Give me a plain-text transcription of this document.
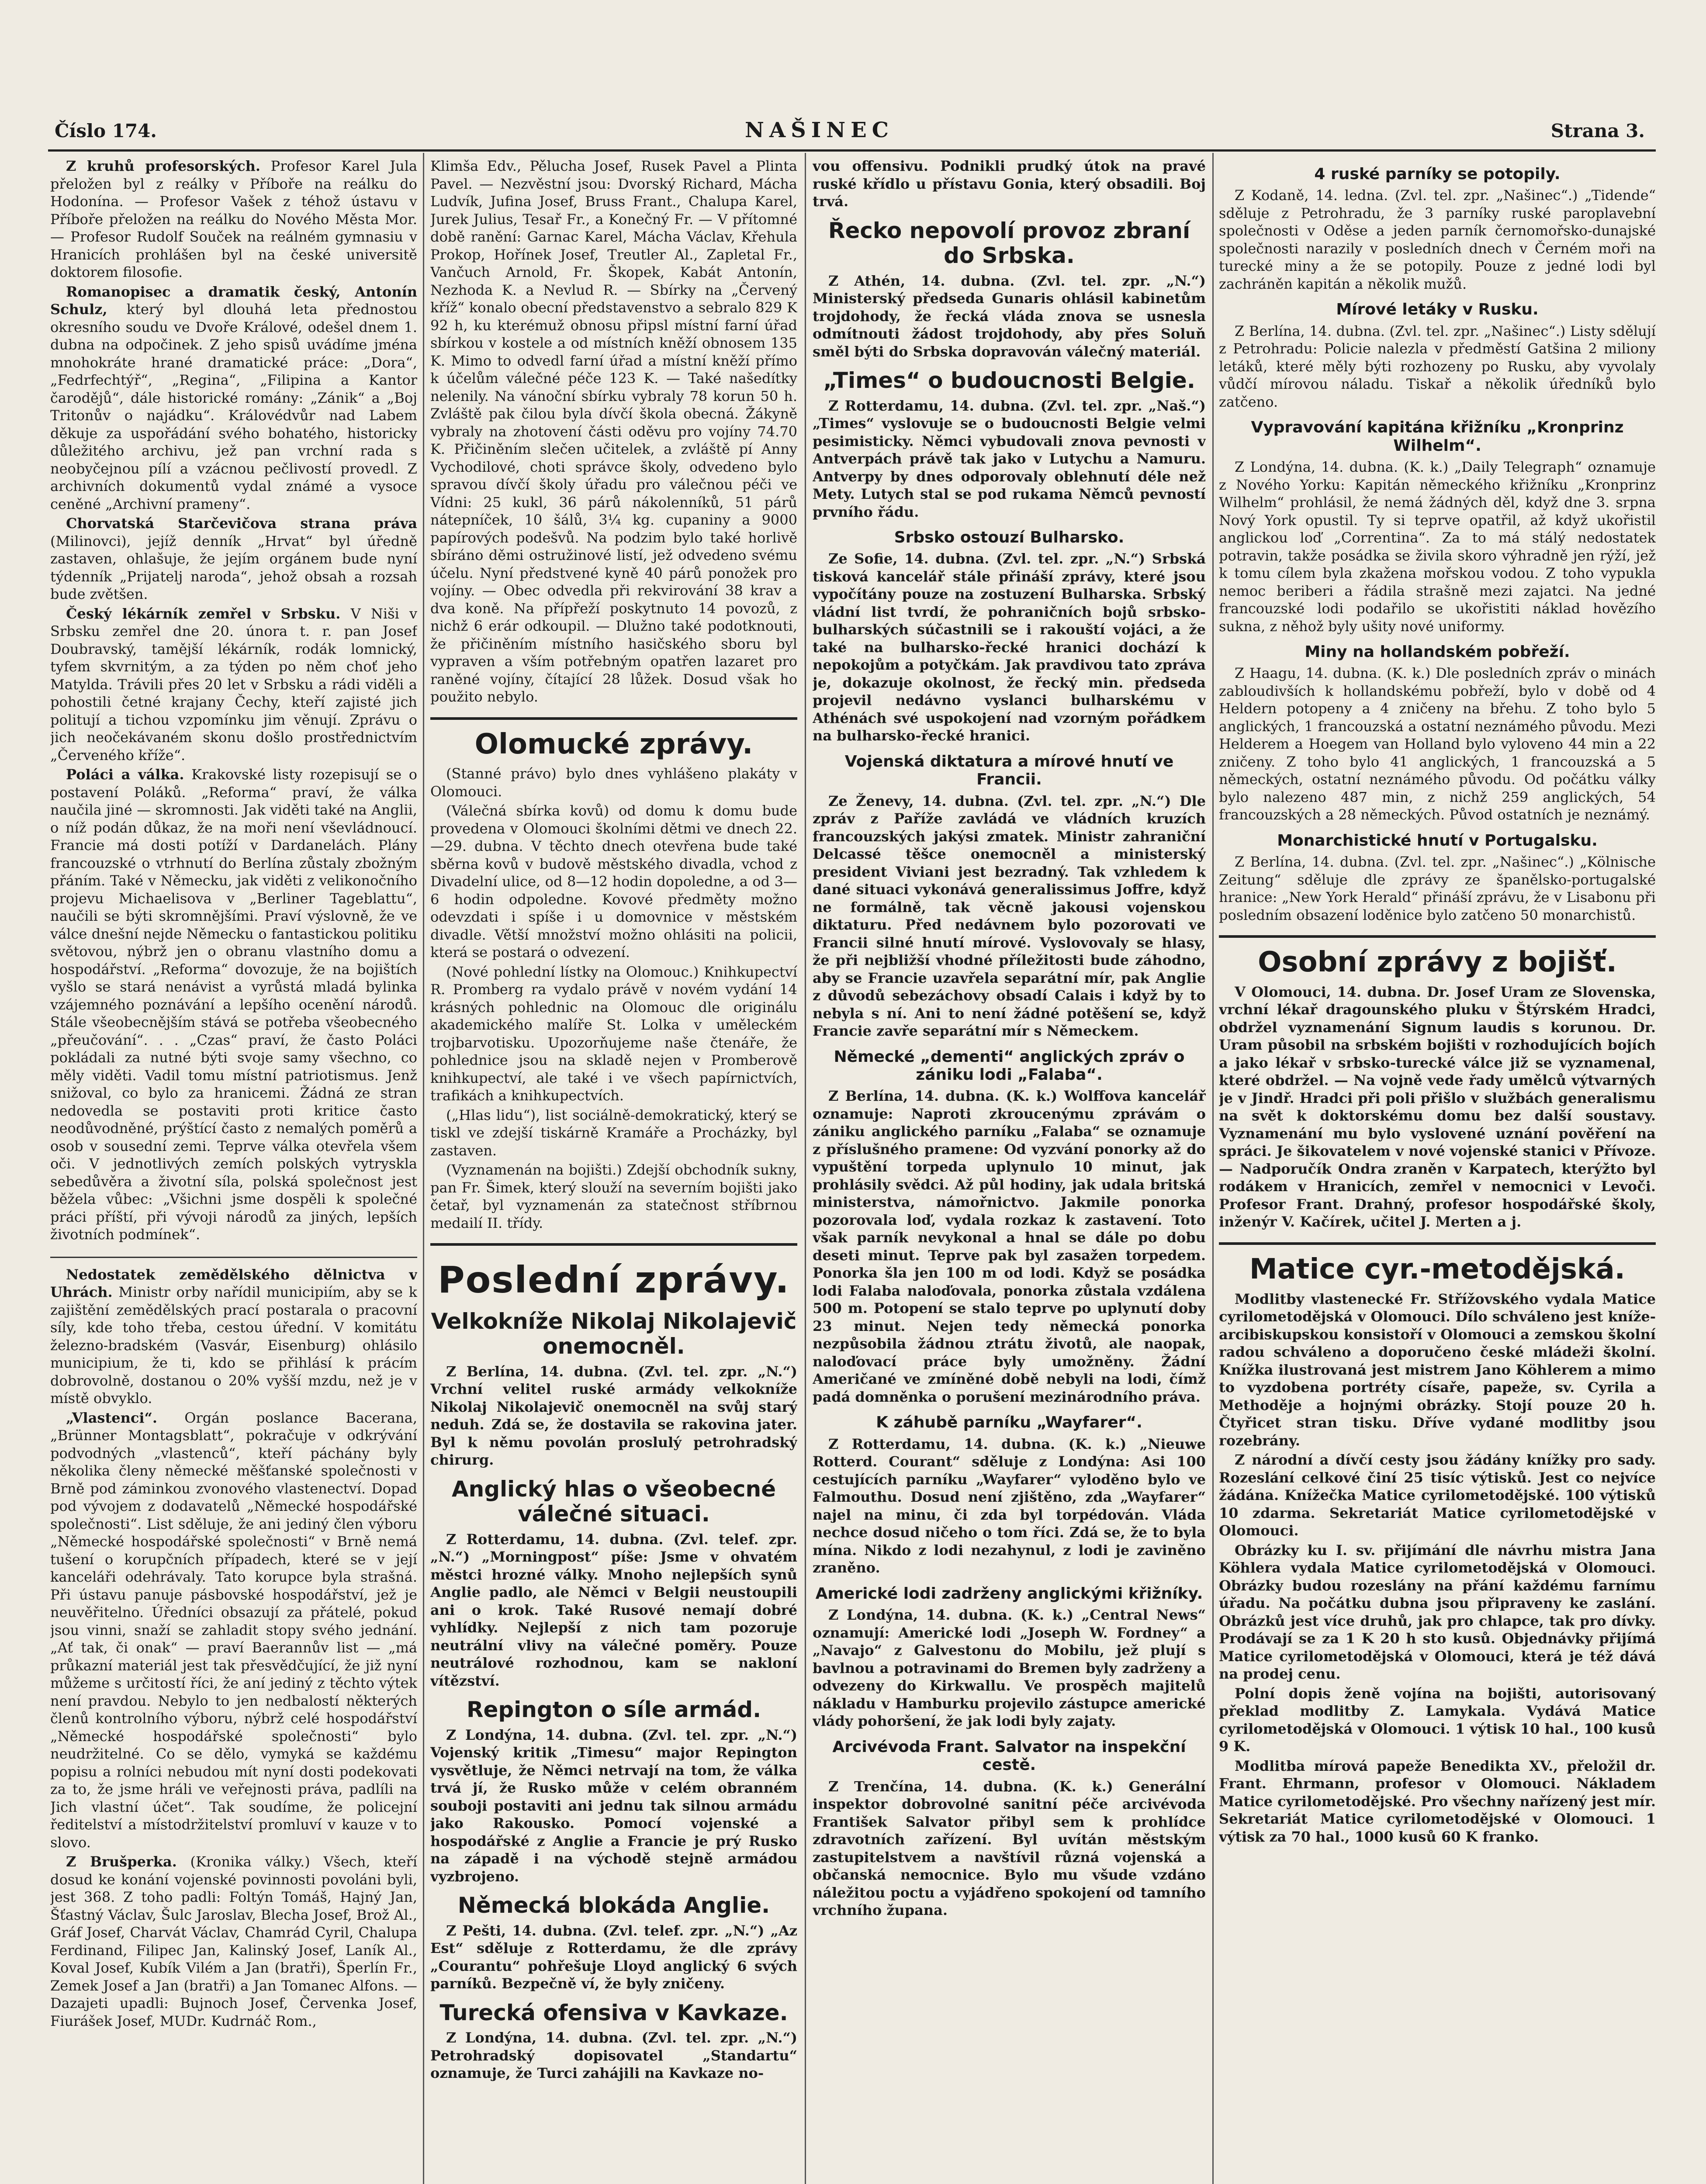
Číslo 174.	NAŠINEC	Strana 3.

Z kruhů profesorských. Profesor Karel Jula přeložen byl z reálky v Příboře na reálku do Hodonína. — Profesor Vašek z téhož ústavu v Příboře přeložen na reálku do Nového Města Mor. — Profesor Rudolf Souček na reálném gymnasiu v Hranicích prohlášen byl na české universitě doktorem filosofie.

Romanopisec a dramatik český, Antonín Schulz, který byl dlouhá leta přednostou okresního soudu ve Dvoře Králové, odešel dnem 1. dubna na odpočinek. Z jeho spisů uvádíme jména mnohokráte hrané dramatické práce: „Dora“, „Fedrfechtýř“, „Regina“, „Filipina a Kantor čarodějů“, dále historické romány: „Zánik“ a „Boj Tritonův o najádku“. Královédvůr nad Labem děkuje za uspořádání svého bohatého, historicky důležitého archivu, jež pan vrchní rada s neobyčejnou pílí a vzácnou pečlivostí provedl. Z archivních dokumentů vydal známé a vysoce ceněné „Archivní prameny“.

Chorvatská Starčevičova strana práva (Milinovci), jejíž denník „Hrvat“ byl úředně zastaven, ohlašuje, že jejím orgánem bude nyní týdenník „Prijatelj naroda“, jehož obsah a rozsah bude zvětšen.

Český lékárník zemřel v Srbsku. V Niši v Srbsku zemřel dne 20. února t. r. pan Josef Doubravský, tamější lékárník, rodák lomnický, tyfem skvrnitým, a za týden po něm choť jeho Matylda. Trávili přes 20 let v Srbsku a rádi viděli a pohostili četné krajany Čechy, kteří zajisté jich politují a tichou vzpomínku jim věnují. Zprávu o jich neočekávaném skonu došlo prostřednictvím „Červeného kříže“.

Poláci a válka. Krakovské listy rozepisují se o postavení Poláků. „Reforma“ praví, že válka naučila jiné — skromnosti. Jak viděti také na Anglii, o níž podán důkaz, že na moři není vševládnoucí. Francie má dosti potíží v Dardanelách. Plány francouzské o vtrhnutí do Berlína zůstaly zbožným přáním. Také v Německu, jak viděti z velikonočního projevu Michaelisova v „Berliner Tageblattu“, naučili se býti skromnějšími. Praví výslovně, že ve válce dnešní nejde Německu o fantastickou politiku světovou, nýbrž jen o obranu vlastního domu a hospodářství. „Reforma“ dovozuje, že na bojištích vyšlo se stará nenávist a vyrůstá mladá bylinka vzájemného poznávání a lepšího ocenění národů. Stále všeobecnějším stává se potřeba všeobecného „přeučování“. . . „Czas“ praví, že často Poláci pokládali za nutné býti svoje samy všechno, co měly viděti. Vadil tomu místní patriotismus. Jenž snižoval, co bylo za hranicemi. Žádná ze stran nedovedla se postaviti proti kritice často neodůvodněné, prýštící často z nemalých poměrů a osob v sousední zemi. Teprve válka otevřela všem oči. V jednotlivých zemích polských vytryskla sebedůvěra a životní síla, polská společnost jest běžela vůbec: „Všichni jsme dospěli k společné práci příští, při vývoji národů za jiných, lepších životních podmínek“.

Nedostatek zemědělského dělnictva v Uhrách. Ministr orby nařídil municipiím, aby se k zajištění zemědělských prací postarala o pracovní síly, kde toho třeba, cestou úřední. V komitátu železno-bradském (Vasvár, Eisenburg) ohlásilo municipium, že ti, kdo se přihlásí k prácím dobrovolně, dostanou o 20% vyšší mzdu, než je v místě obvyklo.

„Vlastenci“. Orgán poslance Bacerana, „Brünner Montagsblatt“, pokračuje v odkrývání podvodných „vlastenců“, kteří páchány byly několika členy německé měšťanské společnosti v Brně pod záminkou zvonového vlastenectví. Dopad pod vývojem z dodavatelů „Německé hospodářské společnosti“. List sděluje, že ani jediný člen výboru „Německé hospodářské společnosti“ v Brně nemá tušení o korupčních případech, které se v její kanceláři odehrávaly. Tato korupce byla strašná. Při ústavu panuje pásbovské hospodářství, jež je neuvěřitelno. Úředníci obsazují za přátelé, pokud jsou vinni, snaží se zahladit stopy svého jednání. „Ať tak, či onak“ — praví Baerannův list — „má průkazní materiál jest tak přesvědčující, že již nyní můžeme s určitostí říci, že aní jediný z těchto výtek není pravdou. Nebylo to jen nedbalostí některých členů kontrolního výboru, nýbrž celé hospodářství „Německé hospodářské společnosti“ bylo neudržitelné. Co se dělo, vymyká se každému popisu a rolníci nebudou mít nyní dosti podekovati za to, že jsme hráli ve veřejnosti práva, padlíli na Jich vlastní účet“. Tak soudíme, že policejní ředitelství a místodržitelství promluví v kauze v to slovo.

Z Brušperka. (Kronika války.) Všech, kteří dosud ke konání vojenské povinnosti povoláni byli, jest 368. Z toho padli: Foltýn Tomáš, Hajný Jan, Šťastný Václav, Šulc Jaroslav, Blecha Josef, Brož Al., Gráf Josef, Charvát Václav, Chamrád Cyril, Chalupa Ferdinand, Filipec Jan, Kalinský Josef, Laník Al., Koval Josef, Kubík Vilém a Jan (bratři), Šperlín Fr., Zemek Josef a Jan (bratři) a Jan Tomanec Alfons. — Dazajeti upadli: Bujnoch Josef, Červenka Josef, Fiurášek Josef, MUDr. Kudrnáč Rom.,

Klimša Edv., Pělucha Josef, Rusek Pavel a Plinta Pavel. — Nezvěstní jsou: Dvorský Richard, Mácha Ludvík, Jufina Josef, Bruss Frant., Chalupa Karel, Jurek Julius, Tesař Fr., a Konečný Fr. — V přítomné době ranění: Garnac Karel, Mácha Václav, Křehula Prokop, Hořínek Josef, Treutler Al., Zapletal Fr., Vančuch Arnold, Fr. Škopek, Kabát Antonín, Nezhoda K. a Nevlud R. — Sbírky na „Červený kříž“ konalo obecní představenstvo a sebralo 829 K 92 h, ku kterémuž obnosu připsl místní farní úřad sbírkou v kostele a od místních kněží obnosem 135 K. Mimo to odvedl farní úřad a místní kněží přímo k účelům válečné péče 123 K. — Také našedítky nelenily. Na vánoční sbírku vybraly 78 korun 50 h. Zvláště pak čilou byla dívčí škola obecná. Žákyně vybraly na zhotovení části oděvu pro vojíny 74.70 K. Přičiněním slečen učitelek, a zvláště pí Anny Vychodilové, choti správce školy, odvedeno bylo spravou dívčí školy úřadu pro válečnou péči ve Vídni: 25 kukl, 36 párů nákolenníků, 51 párů nátepníček, 10 šálů, 3¼ kg. cupaniny a 9000 papírových podešvů. Na podzim bylo také horlivě sbíráno děmi ostružinové listí, jež odvedeno svému účelu. Nyní předstvené kyně 40 párů ponožek pro vojíny. — Obec odvedla při rekvirování 38 krav a dva koně. Na přípřeží poskytnuto 14 povozů, z nichž 6 erár odkoupil. — Dlužno také podotknouti, že přičiněním místního hasičského sboru byl vypraven a vším potřebným opatřen lazaret pro raněné vojíny, čítající 28 lůžek. Dosud však ho použito nebylo.

Olomucké zprávy.

(Stanné právo) bylo dnes vyhlášeno plakáty v Olomouci.

(Válečná sbírka kovů) od domu k domu bude provedena v Olomouci školními dětmi ve dnech 22.—29. dubna. V těchto dnech otevřena bude také sběrna kovů v budově městského divadla, vchod z Divadelní ulice, od 8—12 hodin dopoledne, a od 3—6 hodin odpoledne. Kovové předměty možno odevzdati i spíše i u domovnice v městském divadle. Větší množství možno ohlásiti na policii, která se postará o odvezení.

(Nové pohlední lístky na Olomouc.) Knihkupectví R. Promberg ra vydalo právě v novém vydání 14 krásných pohlednic na Olomouc dle originálu akademického malíře St. Lolka v uměleckém trojbarvotisku. Upozorňujeme naše čtenáře, že pohlednice jsou na skladě nejen v Promberově knihkupectví, ale také i ve všech papírnictvích, trafikách a knihkupectvích.

(„Hlas lidu“), list sociálně-demokratický, který se tiskl ve zdejší tiskárně Kramáře a Procházky, byl zastaven.

(Vyznamenán na bojišti.) Zdejší obchodník sukny, pan Fr. Šimek, který slouží na severním bojišti jako četař, byl vyznamenán za statečnost stříbrnou medailí II. třídy.

Poslední zprávy.
Velkokníže Nikolaj Nikolajevič onemocněl.

Z Berlína, 14. dubna. (Zvl. tel. zpr. „N.“) Vrchní velitel ruské armády velkokníže Nikolaj Nikolajevič onemocněl na svůj starý neduh. Zdá se, že dostavila se rakovina jater. Byl k němu povolán proslulý petrohradský chirurg.

Anglický hlas o všeobecné válečné situaci.

Z Rotterdamu, 14. dubna. (Zvl. telef. zpr. „N.“) „Morningpost“ píše: Jsme v ohvatém městci hrozné války. Mnoho nejlepších synů Anglie padlo, ale Němci v Belgii neustoupili ani o krok. Také Rusové nemají dobré vyhlídky. Nejlepší z nich tam pozoruje neutrální vlivy na válečné poměry. Pouze neutrálové rozhodnou, kam se nakloní vítězství.

Repington o síle armád.

Z Londýna, 14. dubna. (Zvl. tel. zpr. „N.“) Vojenský kritik „Timesu“ major Repington vysvětluje, že Němci netrvají na tom, že válka trvá jí, že Rusko může v celém obranném souboji postaviti ani jednu tak silnou armádu jako Rakousko. Pomocí vojenské a hospodářské z Anglie a Francie je prý Rusko na západě i na východě stejně armádou vyzbrojeno.

Německá blokáda Anglie.

Z Pešti, 14. dubna. (Zvl. telef. zpr. „N.“) „Az Est“ sděluje z Rotterdamu, že dle zprávy „Courantu“ pohřešuje Lloyd anglický 6 svých parníků. Bezpečně ví, že byly zničeny.

Turecká ofensiva v Kavkaze.

Z Londýna, 14. dubna. (Zvl. tel. zpr. „N.“) Petrohradský dopisovatel „Standartu“ oznamuje, že Turci zahájili na Kavkaze no-

vou offensivu. Podnikli prudký útok na pravé ruské křídlo u přístavu Gonia, který obsadili. Boj trvá.

Řecko nepovolí provoz zbraní do Srbska.

Z Athén, 14. dubna. (Zvl. tel. zpr. „N.“) Ministerský předseda Gunaris ohlásil kabinetům trojdohody, že řecká vláda znova se usnesla odmítnouti žádost trojdohody, aby přes Soluň směl býti do Srbska dopravován válečný materiál.

„Times“ o budoucnosti Belgie.

Z Rotterdamu, 14. dubna. (Zvl. tel. zpr. „Naš.“) „Times“ vyslovuje se o budoucnosti Belgie velmi pesimisticky. Němci vybudovali znova pevnosti v Antverpách právě tak jako v Lutychu a Namuru. Antverpy by dnes odporovaly oblehnutí déle než Mety. Lutych stal se pod rukama Němců pevností prvního řádu.

Srbsko ostouzí Bulharsko.

Ze Sofie, 14. dubna. (Zvl. tel. zpr. „N.“) Srbská tisková kancelář stále přináší zprávy, které jsou vypočítány pouze na zostuzení Bulharska. Srbský vládní list tvrdí, že pohraničních bojů srbsko-bulharských súčastnili se i rakouští vojáci, a že také na bulharsko-řecké hranici dochází k nepokojům a potyčkám. Jak pravdivou tato zpráva je, dokazuje okolnost, že řecký min. předseda projevil nedávno vyslanci bulharskému v Athénách své uspokojení nad vzorným pořádkem na bulharsko-řecké hranici.

Vojenská diktatura a mírové hnutí ve Francii.

Ze Ženevy, 14. dubna. (Zvl. tel. zpr. „N.“) Dle zpráv z Paříže zavládá ve vládních kruzích francouzských jakýsi zmatek. Ministr zahraniční Delcassé těšce onemocněl a ministerský president Viviani jest bezradný. Tak vzhledem k dané situaci vykonává generalissimus Joffre, když ne formálně, tak věcně jakousi vojenskou diktaturu. Před nedávnem bylo pozorovati ve Francii silné hnutí mírové. Vyslovovaly se hlasy, že při nejbližší vhodné příležitosti bude záhodno, aby se Francie uzavřela separátní mír, pak Anglie z důvodů sebezáchovy obsadí Calais i když by to nebyla s ní. Ani to není žádné potěšení se, když Francie zavře separátní mír s Německem.

Německé „dementi“ anglických zpráv o zániku lodi „Falaba“.

Z Berlína, 14. dubna. (K. k.) Wolffova kancelář oznamuje: Naproti zkroucenýmu zprávám o zániku anglického parníku „Falaba“ se oznamuje z příslušného pramene: Od vyzvání ponorky až do vypuštění torpeda uplynulo 10 minut, jak prohlásily svědci. Až půl hodiny, jak udala britská ministerstva, námořnictvo. Jakmile ponorka pozorovala loď, vydala rozkaz k zastavení. Toto však parník nevykonal a hnal se dále po dobu deseti minut. Teprve pak byl zasažen torpedem. Ponorka šla jen 100 m od lodi. Když se posádka lodi Falaba naloďovala, ponorka zůstala vzdálena 500 m. Potopení se stalo teprve po uplynutí doby 23 minut. Nejen tedy německá ponorka nezpůsobila žádnou ztrátu životů, ale naopak, naloďovací práce byly umožněny. Žádní Američané ve zmíněné době nebyli na lodi, čímž padá domněnka o porušení mezinárodního práva.

K záhubě parníku „Wayfarer“.

Z Rotterdamu, 14. dubna. (K. k.) „Nieuwe Rotterd. Courant“ sděluje z Londýna: Asi 100 cestujících parníku „Wayfarer“ vyloděno bylo ve Falmouthu. Dosud není zjištěno, zda „Wayfarer“ najel na minu, či zda byl torpédován. Vláda nechce dosud ničeho o tom říci. Zdá se, že to byla mína. Nikdo z lodi nezahynul, z lodi je zaviněno zraněno.

Americké lodi zadrženy anglickými křižníky.

Z Londýna, 14. dubna. (K. k.) „Central News“ oznamují: Americké lodi „Joseph W. Fordney“ a „Navajo“ z Galvestonu do Mobilu, jež plují s bavlnou a potravinami do Bremen byly zadrženy a odvezeny do Kirkwallu. Ve prospěch majitelů nákladu v Hamburku projevilo zástupce americké vlády pohoršení, že jak lodi byly zajaty.

Arcivévoda Frant. Salvator na inspekční cestě.

Z Trenčína, 14. dubna. (K. k.) Generální inspektor dobrovolné sanitní péče arcivévoda František Salvator přibyl sem k prohlídce zdravotních zařízení. Byl uvítán městským zastupitelstvem a navštívil různá vojenská a občanská nemocnice. Bylo mu všude vzdáno náležitou poctu a vyjádřeno spokojení od tamního vrchního župana.

4 ruské parníky se potopily.

Z Kodaně, 14. ledna. (Zvl. tel. zpr. „Našinec“.) „Tidende“ sděluje z Petrohradu, že 3 parníky ruské paroplavební společnosti v Oděse a jeden parník černomořsko-dunajské společnosti narazily v posledních dnech v Černém moři na turecké miny a že se potopily. Pouze z jedné lodi byl zachráněn kapitán a několik mužů.

Mírové letáky v Rusku.

Z Berlína, 14. dubna. (Zvl. tel. zpr. „Našinec“.) Listy sdělují z Petrohradu: Policie nalezla v předměstí Gatšina 2 miliony letáků, které měly býti rozhozeny po Rusku, aby vyvolaly vůdčí mírovou náladu. Tiskař a několik úředníků bylo zatčeno.

Vypravování kapitána křižníku „Kronprinz Wilhelm“.

Z Londýna, 14. dubna. (K. k.) „Daily Telegraph“ oznamuje z Nového Yorku: Kapitán německého křižníku „Kronprinz Wilhelm“ prohlásil, že nemá žádných děl, když dne 3. srpna Nový York opustil. Ty si teprve opatřil, až když ukořistil anglickou loď „Correntina“. Za to má stálý nedostatek potravin, takže posádka se živila skoro výhradně jen rýží, jež k tomu cílem byla zkažena mořskou vodou. Z toho vypukla nemoc beriberi a řádila strašně mezi zajatci. Na jedné francouzské lodi podařilo se ukořistiti náklad hovězího sukna, z něhož byly ušity nové uniformy.

Miny na hollandském pobřeží.

Z Haagu, 14. dubna. (K. k.) Dle posledních zpráv o minách zabloudivších k hollandskému pobřeží, bylo v době od 4 Heldern potopeny a 4 zničeny na břehu. Z toho bylo 5 anglických, 1 francouzská a ostatní neznámého původu. Mezi Helderem a Hoegem van Holland bylo vyloveno 44 min a 22 zničeny. Z toho bylo 41 anglických, 1 francouzská a 5 německých, ostatní neznámého původu. Od počátku války bylo nalezeno 487 min, z nichž 259 anglických, 54 francouzských a 28 německých. Původ ostatních je neznámý.

Monarchistické hnutí v Portugalsku.

Z Berlína, 14. dubna. (Zvl. tel. zpr. „Našinec“.) „Kölnische Zeitung“ sděluje dle zprávy ze španělsko-portugalské hranice: „New York Herald“ přináší zprávu, že v Lisabonu při posledním obsazení loděnice bylo zatčeno 50 monarchistů.

Osobní zprávy z bojišť.

V Olomouci, 14. dubna. Dr. Josef Uram ze Slovenska, vrchní lékař dragounského pluku v Štýrském Hradci, obdržel vyznamenání Signum laudis s korunou. Dr. Uram působil na srbském bojišti v rozhodujících bojích a jako lékař v srbsko-turecké válce již se vyznamenal, které obdržel. — Na vojně vede řady umělců výtvarných je v Jindř. Hradci při poli přišlo v službách generalismu na svět k doktorskému domu bez další soustavy. Vyznamenání mu bylo vyslovené uznání pověření na spráci. Je šikovatelem v nové vojenské stanici v Přívoze. — Nadporučík Ondra zraněn v Karpatech, kterýžto byl rodákem v Hranicích, zemřel v nemocnici v Levoči. Profesor Frant. Drahný, profesor hospodářské školy, inženýr V. Kačírek, učitel J. Merten a j.

Matice cyr.-metodějská.

Modlitby vlastenecké Fr. Střížovského vydala Matice cyrilometodějská v Olomouci. Dílo schváleno jest kníže-arcibiskupskou konsistoří v Olomouci a zemskou školní radou schváleno a doporučeno české mládeži školní. Knížka ilustrovaná jest mistrem Jano Köhlerem a mimo to vyzdobena portréty císaře, papeže, sv. Cyrila a Methoděje a hojnými obrázky. Stojí pouze 20 h. Čtyřicet stran tisku. Dříve vydané modlitby jsou rozebrány.

Z národní a dívčí cesty jsou žádány knížky pro sady. Rozeslání celkové činí 25 tisíc výtisků. Jest co nejvíce žádána. Knížečka Matice cyrilometodějské. 100 výtisků 10 zdarma. Sekretariát Matice cyrilometodějské v Olomouci.

Obrázky ku I. sv. přijímání dle návrhu mistra Jana Köhlera vydala Matice cyrilometodějská v Olomouci. Obrázky budou rozeslány na přání každému farnímu úřadu. Na počátku dubna jsou připraveny ke zaslání. Obrázků jest více druhů, jak pro chlapce, tak pro dívky. Prodávají se za 1 K 20 h sto kusů. Objednávky přijímá Matice cyrilometodějská v Olomouci, která je též dává na prodej cenu.

Polní dopis ženě vojína na bojišti, autorisovaný překlad modlitby Z. Lamykala. Vydává Matice cyrilometodějská v Olomouci. 1 výtisk 10 hal., 100 kusů 9 K.

Modlitba mírová papeže Benedikta XV., přeložil dr. Frant. Ehrmann, profesor v Olomouci. Nákladem Matice cyrilometodějské. Pro všechny nařízený jest mír. Sekretariát Matice cyrilometodějské v Olomouci. 1 výtisk za 70 hal., 1000 kusů 60 K franko.
